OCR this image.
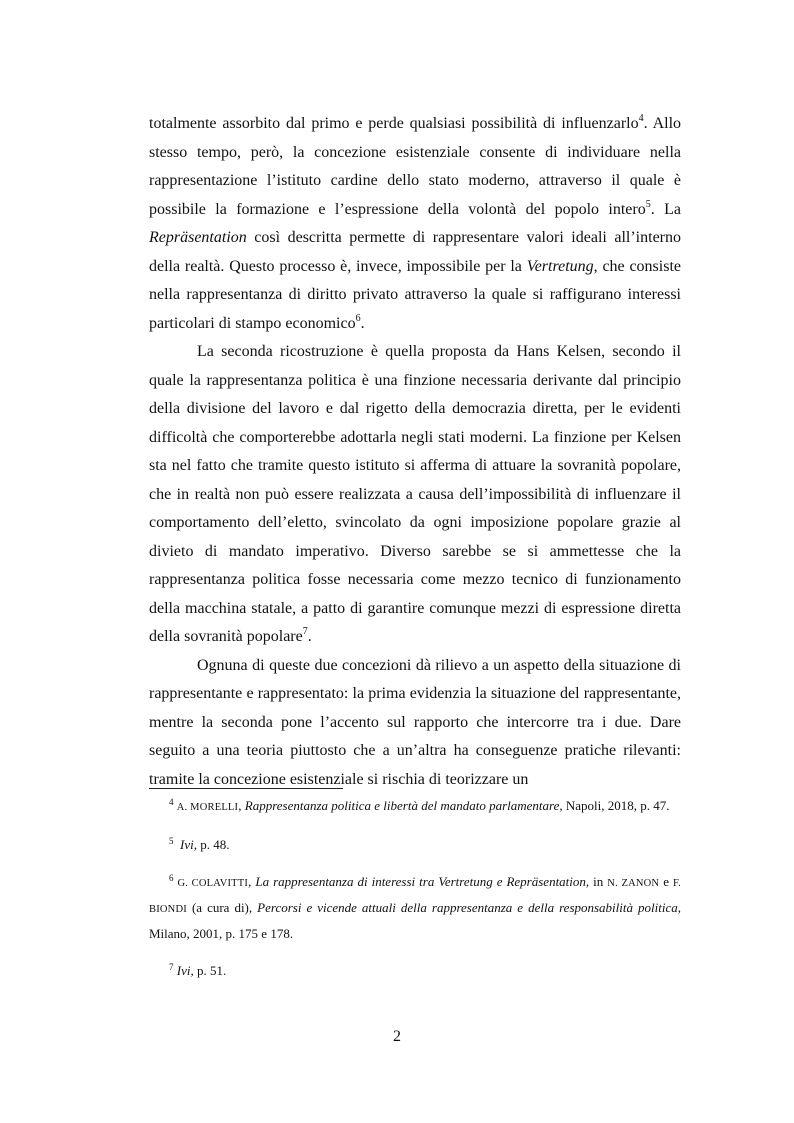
totalmente assorbito dal primo e perde qualsiasi possibilità di influenzarlo$^4$. Allo stesso tempo, però, la concezione esistenziale consente di individuare nella rappresentazione l’istituto cardine dello stato moderno, attraverso il quale è possibile la formazione e l’espressione della volontà del popolo intero$^5$. La Repräsentation così descritta permette di rappresentare valori ideali all’interno della realtà. Questo processo è, invece, impossibile per la Vertretung, che consiste nella rappresentanza di diritto privato attraverso la quale si raffigurano interessi particolari di stampo economico$^6$.

La seconda ricostruzione è quella proposta da Hans Kelsen, secondo il quale la rappresentanza politica è una finzione necessaria derivante dal principio della divisione del lavoro e dal rigetto della democrazia diretta, per le evidenti difficoltà che comporterebbe adottarla negli stati moderni. La finzione per Kelsen sta nel fatto che tramite questo istituto si afferma di attuare la sovranità popolare, che in realtà non può essere realizzata a causa dell’impossibilità di influenzare il comportamento dell’eletto, svincolato da ogni imposizione popolare grazie al divieto di mandato imperativo. Diverso sarebbe se si ammettesse che la rappresentanza politica fosse necessaria come mezzo tecnico di funzionamento della macchina statale, a patto di garantire comunque mezzi di espressione diretta della sovranità popolare$^7$.

Ognuna di queste due concezioni dà rilievo a un aspetto della situazione di rappresentante e rappresentato: la prima evidenzia la situazione del rappresentante, mentre la seconda pone l’accento sul rapporto che intercorre tra i due. Dare seguito a una teoria piuttosto che a un’altra ha conseguenze pratiche rilevanti: tramite la concezione esistenziale si rischia di teorizzare un

$^4$ A. MORELLI, Rappresentanza politica e libertà del mandato parlamentare, Napoli, 2018, p. 47.

$^5$ Ivi, p. 48.

$^6$ G. COLAVITTI, La rappresentanza di interessi tra Vertretung e Repräsentation, in N. ZANON e F. BIONDI (a cura di), Percorsi e vicende attuali della rappresentanza e della responsabilità politica, Milano, 2001, p. 175 e 178.

$^7$ Ivi, p. 51.

2
